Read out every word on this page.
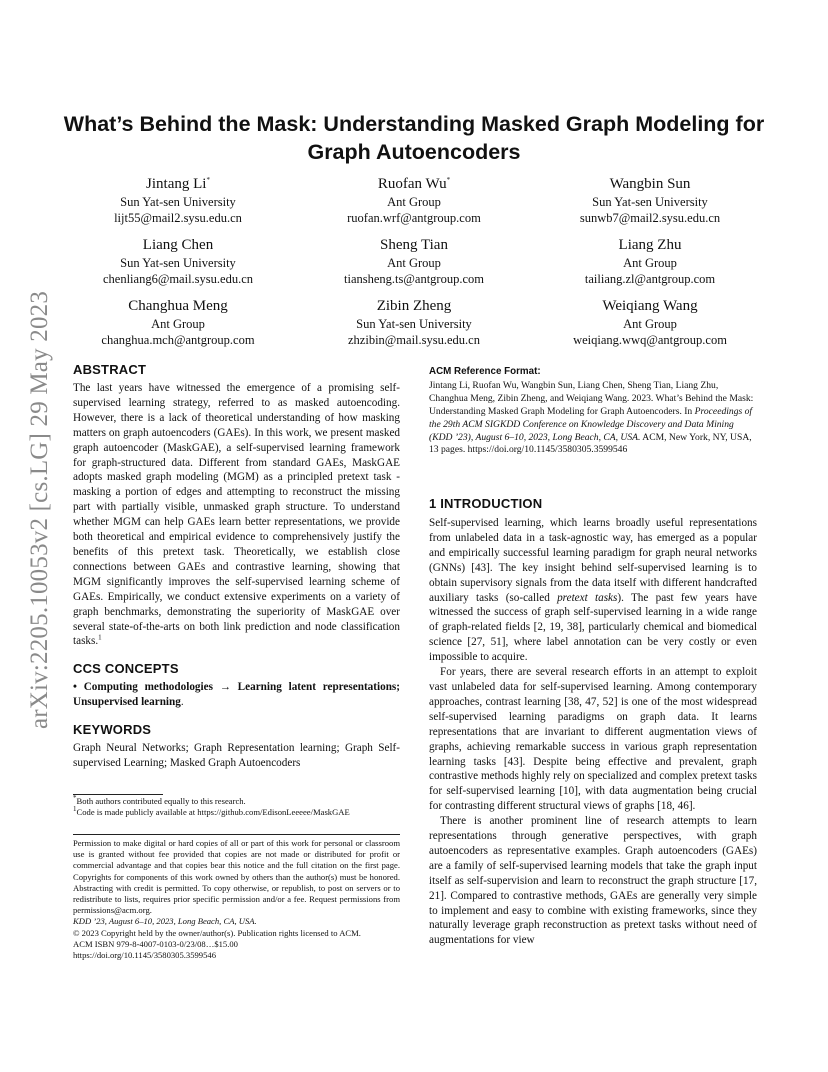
arXiv:2205.10053v2 [cs.LG] 29 May 2023
What’s Behind the Mask: Understanding Masked Graph Modeling for Graph Autoencoders
Jintang Li*
Sun Yat-sen University
lijt55@mail2.sysu.edu.cn
Ruofan Wu*
Ant Group
ruofan.wrf@antgroup.com
Wangbin Sun
Sun Yat-sen University
sunwb7@mail2.sysu.edu.cn
Liang Chen
Sun Yat-sen University
chenliang6@mail.sysu.edu.cn
Sheng Tian
Ant Group
tiansheng.ts@antgroup.com
Liang Zhu
Ant Group
tailiang.zl@antgroup.com
Changhua Meng
Ant Group
changhua.mch@antgroup.com
Zibin Zheng
Sun Yat-sen University
zhzibin@mail.sysu.edu.cn
Weiqiang Wang
Ant Group
weiqiang.wwq@antgroup.com
ABSTRACT

The last years have witnessed the emergence of a promising self-supervised learning strategy, referred to as masked autoencoding. However, there is a lack of theoretical understanding of how masking matters on graph autoencoders (GAEs). In this work, we present masked graph autoencoder (MaskGAE), a self-supervised learning framework for graph-structured data. Different from standard GAEs, MaskGAE adopts masked graph modeling (MGM) as a principled pretext task - masking a portion of edges and attempting to reconstruct the missing part with partially visible, unmasked graph structure. To understand whether MGM can help GAEs learn better representations, we provide both theoretical and empirical evidence to comprehensively justify the benefits of this pretext task. Theoretically, we establish close connections between GAEs and contrastive learning, showing that MGM significantly improves the self-supervised learning scheme of GAEs. Empirically, we conduct extensive experiments on a variety of graph benchmarks, demonstrating the superiority of MaskGAE over several state-of-the-arts on both link prediction and node classification tasks.$^1$

CCS CONCEPTS

• Computing methodologies → Learning latent representations; Unsupervised learning.

KEYWORDS

Graph Neural Networks; Graph Representation learning; Graph Self-supervised Learning; Masked Graph Autoencoders

*Both authors contributed equally to this research.

$^1$Code is made publicly available at https://github.com/EdisonLeeeee/MaskGAE

Permission to make digital or hard copies of all or part of this work for personal or classroom use is granted without fee provided that copies are not made or distributed for profit or commercial advantage and that copies bear this notice and the full citation on the first page. Copyrights for components of this work owned by others than the author(s) must be honored. Abstracting with credit is permitted. To copy otherwise, or republish, to post on servers or to redistribute to lists, requires prior specific permission and/or a fee. Request permissions from permissions@acm.org.

KDD ’23, August 6–10, 2023, Long Beach, CA, USA.

© 2023 Copyright held by the owner/author(s). Publication rights licensed to ACM.

ACM ISBN 979-8-4007-0103-0/23/08…$15.00

https://doi.org/10.1145/3580305.3599546

ACM Reference Format:

Jintang Li, Ruofan Wu, Wangbin Sun, Liang Chen, Sheng Tian, Liang Zhu, Changhua Meng, Zibin Zheng, and Weiqiang Wang. 2023. What’s Behind the Mask: Understanding Masked Graph Modeling for Graph Autoencoders. In Proceedings of the 29th ACM SIGKDD Conference on Knowledge Discovery and Data Mining (KDD ’23), August 6–10, 2023, Long Beach, CA, USA. ACM, New York, NY, USA, 13 pages. https://doi.org/10.1145/3580305.3599546

1 INTRODUCTION

Self-supervised learning, which learns broadly useful representations from unlabeled data in a task-agnostic way, has emerged as a popular and empirically successful learning paradigm for graph neural networks (GNNs) [43]. The key insight behind self-supervised learning is to obtain supervisory signals from the data itself with different handcrafted auxiliary tasks (so-called pretext tasks). The past few years have witnessed the success of graph self-supervised learning in a wide range of graph-related fields [2, 19, 38], particularly chemical and biomedical science [27, 51], where label annotation can be very costly or even impossible to acquire.

For years, there are several research efforts in an attempt to exploit vast unlabeled data for self-supervised learning. Among contemporary approaches, contrast learning [38, 47, 52] is one of the most widespread self-supervised learning paradigms on graph data. It learns representations that are invariant to different augmentation views of graphs, achieving remarkable success in various graph representation learning tasks [43]. Despite being effective and prevalent, graph contrastive methods highly rely on specialized and complex pretext tasks for self-supervised learning [10], with data augmentation being crucial for contrasting different structural views of graphs [18, 46].

There is another prominent line of research attempts to learn representations through generative perspectives, with graph autoencoders as representative examples. Graph autoencoders (GAEs) are a family of self-supervised learning models that take the graph input itself as self-supervision and learn to reconstruct the graph structure [17, 21]. Compared to contrastive methods, GAEs are generally very simple to implement and easy to combine with existing frameworks, since they naturally leverage graph reconstruction as pretext tasks without need of augmentations for view
